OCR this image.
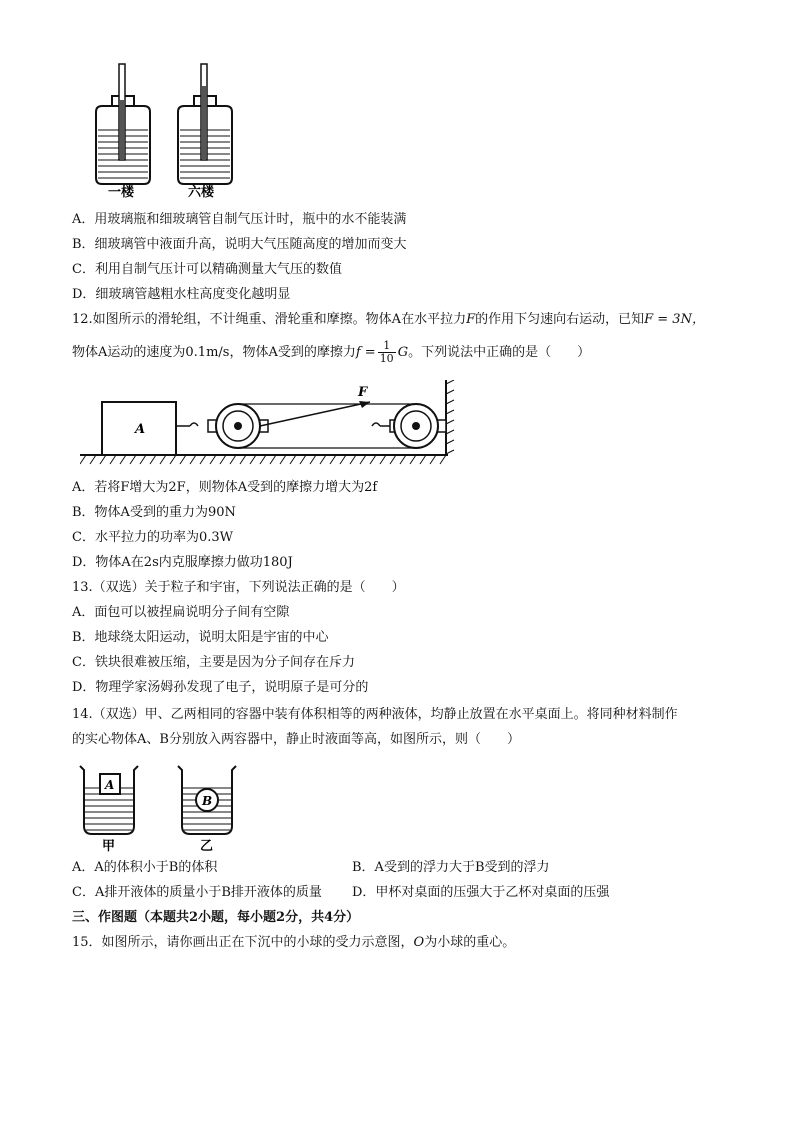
一楼	六楼
A．用玻璃瓶和细玻璃管自制气压计时，瓶中的水不能装满
B．细玻璃管中液面升高，说明大气压随高度的增加而变大
C．利用自制气压计可以精确测量大气压的数值
D．细玻璃管越粗水柱高度变化越明显
12.如图所示的滑轮组，不计绳重、滑轮重和摩擦。物体A在水平拉力F的作用下匀速向右运动，已知F = 3N，
物体A运动的速度为0.1m/s，物体A受到的摩擦力$f = \frac{1}{10}$ G。下列说法中正确的是（　　）
A
F
A．若将F增大为2F，则物体A受到的摩擦力增大为2f
B．物体A受到的重力为90N
C．水平拉力的功率为0.3W
D．物体A在2s内克服摩擦力做功180J
13.（双选）关于粒子和宇宙，下列说法正确的是（　　）
A．面包可以被捏扁说明分子间有空隙
B．地球绕太阳运动，说明太阳是宇宙的中心
C．铁块很难被压缩，主要是因为分子间存在斥力
D．物理学家汤姆孙发现了电子，说明原子是可分的
14.（双选）甲、乙两相同的容器中装有体积相等的两种液体，均静止放置在水平桌面上。将同种材料制作
的实心物体A、B分别放入两容器中，静止时液面等高，如图所示，则（　　）
A
B
甲	乙
A．A的体积小于B的体积	B．A受到的浮力大于B受到的浮力
C．A排开液体的质量小于B排开液体的质量 D．甲杯对桌面的压强大于乙杯对桌面的压强
三、作图题（本题共2小题，每小题2分，共4分）
15．如图所示，请你画出正在下沉中的小球的受力示意图，O为小球的重心。
